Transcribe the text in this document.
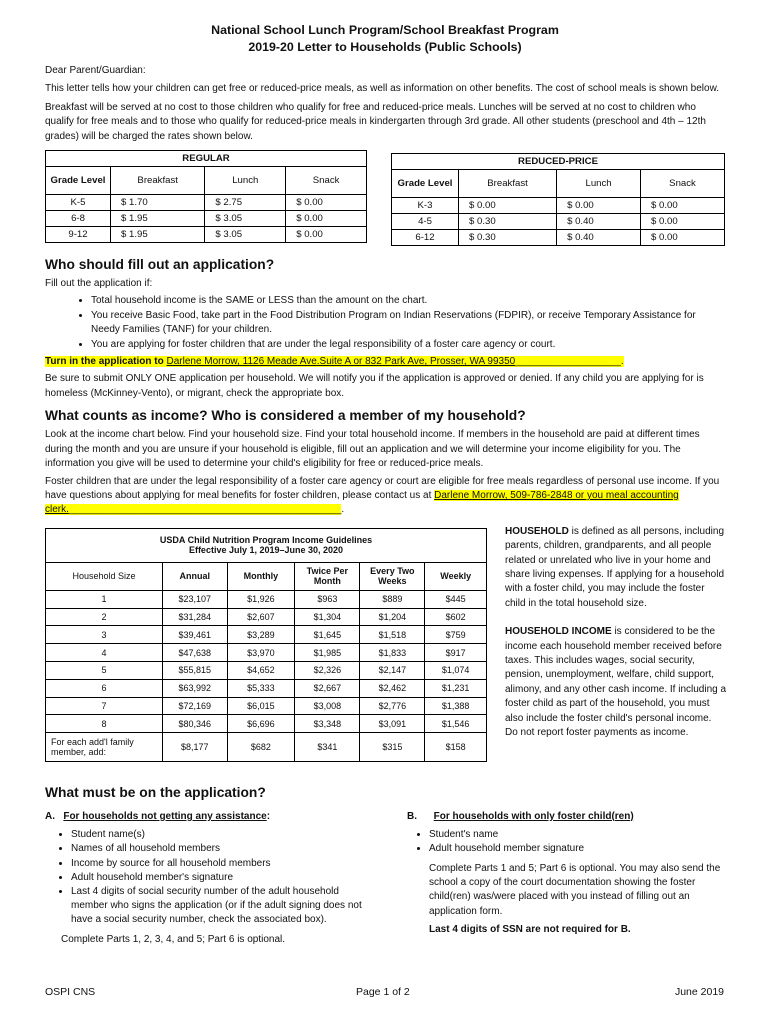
National School Lunch Program/School Breakfast Program
2019-20 Letter to Households (Public Schools)

Dear Parent/Guardian:

This letter tells how your children can get free or reduced-price meals, as well as information on other benefits. The cost of school meals is shown below.

Breakfast will be served at no cost to those children who qualify for free and reduced-price meals. Lunches will be served at no cost to children who qualify for free meals and to those who qualify for reduced-price meals in kindergarten through 3rd grade. All other students (preschool and 4th – 12th grades) will be charged the rates shown below.

REGULAR			
Grade Level	Breakfast	Lunch	Snack
K-5	$ 1.70	$ 2.75	$ 0.00
6-8	$ 1.95	$ 3.05	$ 0.00
9-12	$ 1.95	$ 3.05	$ 0.00
REDUCED-PRICE			
Grade Level	Breakfast	Lunch	Snack
K-3	$ 0.00	$ 0.00	$ 0.00
4-5	$ 0.30	$ 0.40	$ 0.00
6-12	$ 0.30	$ 0.40	$ 0.00
Who should fill out an application?

Fill out the application if:

• Total household income is the SAME or LESS than the amount on the chart.
• You receive Basic Food, take part in the Food Distribution Program on Indian Reservations (FDPIR), or receive Temporary Assistance for Needy Families (TANF) for your children.
• You are applying for foster children that are under the legal responsibility of a foster care agency or court.

Turn in the application to Darlene Morrow, 1126 Meade Ave.Suite A or 832 Park Ave, Prosser, WA 99350___________________.

Be sure to submit ONLY ONE application per household. We will notify you if the application is approved or denied. If any child you are applying for is homeless (McKinney-Vento), or migrant, check the appropriate box.

What counts as income? Who is considered a member of my household?

Look at the income chart below. Find your household size. Find your total household income. If members in the household are paid at different times during the month and you are unsure if your household is eligible, fill out an application and we will determine your income eligibility for you. The information you give will be used to determine your child's eligibility for free or reduced-price meals.

Foster children that are under the legal responsibility of a foster care agency or court are eligible for free meals regardless of personal use income. If you have questions about applying for meal benefits for foster children, please contact us at Darlene Morrow, 509-786-2848 or you meal accounting clerk._________________________________________________.

USDA Child Nutrition Program Income Guidelines
Effective July 1, 2019–June 30, 2020					

Household Size	Annual	Monthly	Twice Per Month	Every Two Weeks	Weekly
1	$23,107	$1,926	$963	$889	$445
2	$31,284	$2,607	$1,304	$1,204	$602
3	$39,461	$3,289	$1,645	$1,518	$759
4	$47,638	$3,970	$1,985	$1,833	$917
5	$55,815	$4,652	$2,326	$2,147	$1,074
6	$63,992	$5,333	$2,667	$2,462	$1,231
7	$72,169	$6,015	$3,008	$2,776	$1,388
8	$80,346	$6,696	$3,348	$3,091	$1,546
For each add'l family member, add:	$8,177	$682	$341	$315	$158

HOUSEHOLD is defined as all persons, including parents, children, grandparents, and all people related or unrelated who live in your home and share living expenses. If applying for a household with a foster child, you may include the foster child in the total household size.

HOUSEHOLD INCOME is considered to be the income each household member received before taxes. This includes wages, social security, pension, unemployment, welfare, child support, alimony, and any other cash income. If including a foster child as part of the household, you must also include the foster child's personal income. Do not report foster payments as income.

What must be on the application?

A. For households not getting any assistance:

• Student name(s)
• Names of all household members
• Income by source for all household members
• Adult household member's signature
• Last 4 digits of social security number of the adult household member who signs the application (or if the adult signing does not have a social security number, check the associated box).

Complete Parts 1, 2, 3, 4, and 5; Part 6 is optional.

B. For households with only foster child(ren)

• Student's name
• Adult household member signature

Complete Parts 1 and 5; Part 6 is optional. You may also send the school a copy of the court documentation showing the foster child(ren) was/were placed with you instead of filling out an application form.

Last 4 digits of SSN are not required for B.

OSPI CNS	Page 1 of 2	June 2019
